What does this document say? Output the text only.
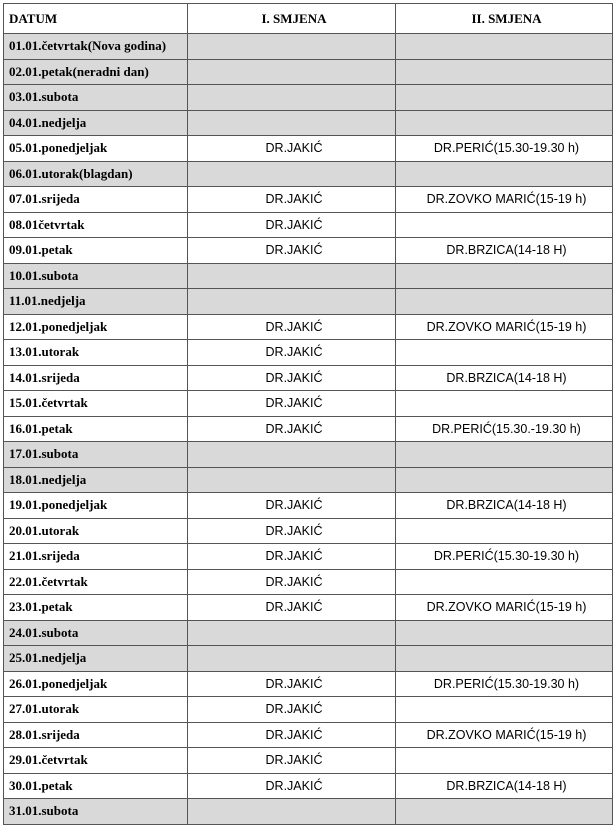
DATUM	I. SMJENA	II. SMJENA
01.01.četvrtak(Nova godina)		
02.01.petak(neradni dan)		
03.01.subota		
04.01.nedjelja		
05.01.ponedjeljak	DR.JAKIĆ	DR.PERIĆ(15.30-19.30 h)
06.01.utorak(blagdan)		
07.01.srijeda	DR.JAKIĆ	DR.ZOVKO MARIĆ(15-19 h)
08.01četvrtak	DR.JAKIĆ	
09.01.petak	DR.JAKIĆ	DR.BRZICA(14-18 H)
10.01.subota		
11.01.nedjelja		
12.01.ponedjeljak	DR.JAKIĆ	DR.ZOVKO MARIĆ(15-19 h)
13.01.utorak	DR.JAKIĆ	
14.01.srijeda	DR.JAKIĆ	DR.BRZICA(14-18 H)
15.01.četvrtak	DR.JAKIĆ	
16.01.petak	DR.JAKIĆ	DR.PERIĆ(15.30.-19.30 h)
17.01.subota		
18.01.nedjelja		
19.01.ponedjeljak	DR.JAKIĆ	DR.BRZICA(14-18 H)
20.01.utorak	DR.JAKIĆ	
21.01.srijeda	DR.JAKIĆ	DR.PERIĆ(15.30-19.30 h)
22.01.četvrtak	DR.JAKIĆ	
23.01.petak	DR.JAKIĆ	DR.ZOVKO MARIĆ(15-19 h)
24.01.subota		
25.01.nedjelja		
26.01.ponedjeljak	DR.JAKIĆ	DR.PERIĆ(15.30-19.30 h)
27.01.utorak	DR.JAKIĆ	
28.01.srijeda	DR.JAKIĆ	DR.ZOVKO MARIĆ(15-19 h)
29.01.četvrtak	DR.JAKIĆ	
30.01.petak	DR.JAKIĆ	DR.BRZICA(14-18 H)
31.01.subota		
